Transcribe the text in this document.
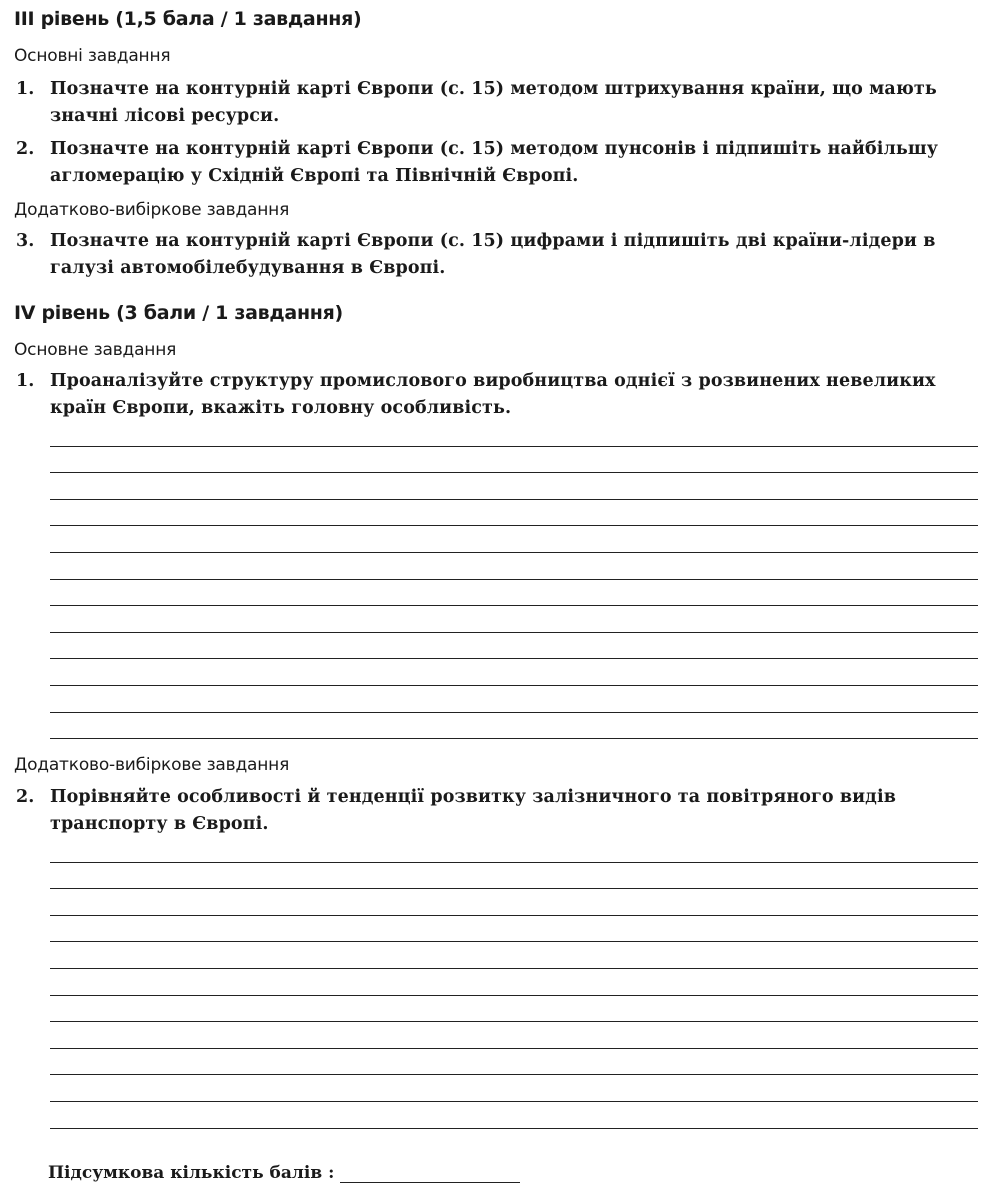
III рівень (1,5 бала / 1 завдання)
Основні завдання
1. Позначте на контурній карті Європи (с. 15) методом штрихування країни, що мають значні лісові ресурси.
2. Позначте на контурній карті Європи (с. 15) методом пунсонів і підпишіть найбільшу агломерацію у Східній Європі та Північній Європі.
Додатково-вибіркове завдання
3. Позначте на контурній карті Європи (с. 15) цифрами і підпишіть дві країни-лідери в галузі автомобілебудування в Європі.
IV рівень (3 бали / 1 завдання)
Основне завдання
1. Проаналізуйте структуру промислового виробництва однієї з розвинених невеликих країн Європи, вкажіть головну особливість.
Додатково-вибіркове завдання
2. Порівняйте особливості й тенденції розвитку залізничного та повітряного видів транспорту в Європі.
Підсумкова кількість балів :
